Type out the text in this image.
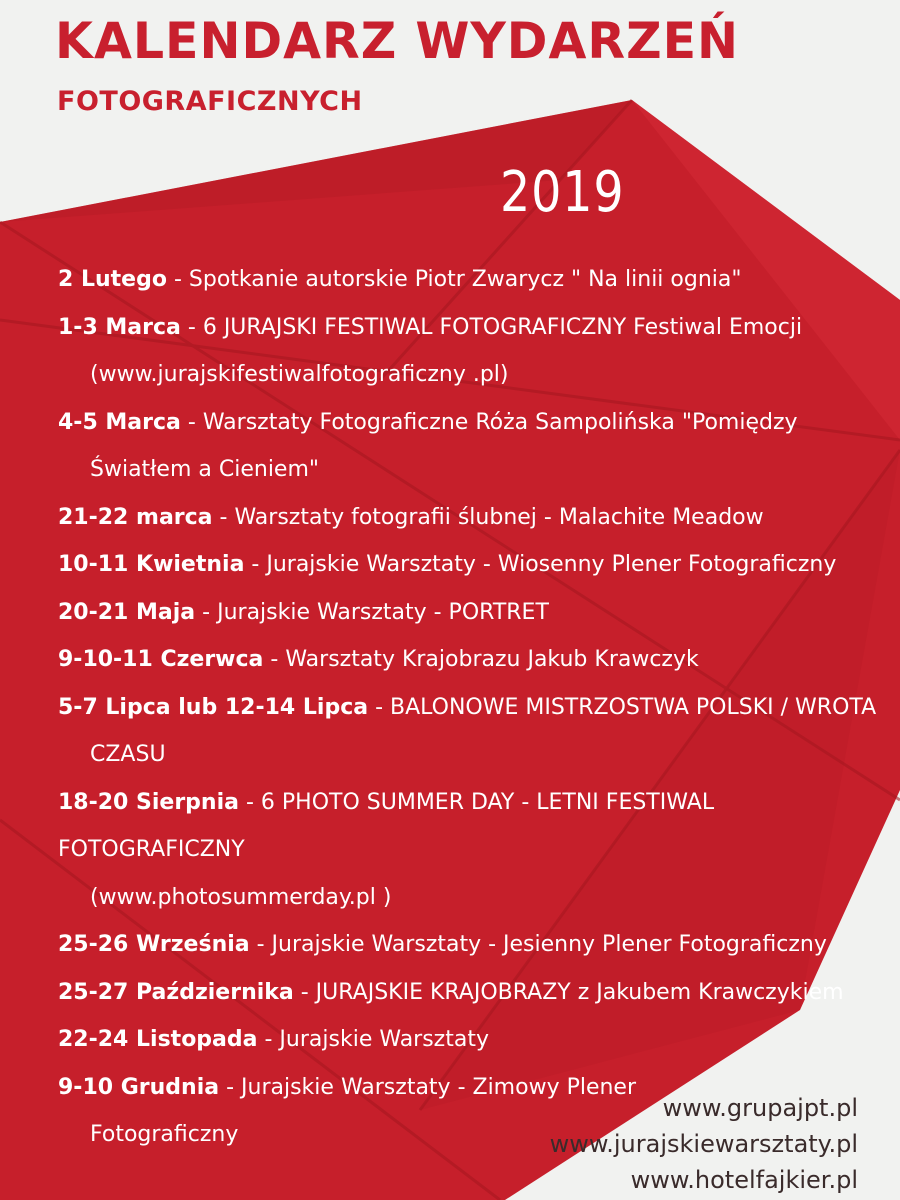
KALENDARZ WYDARZEŃ
FOTOGRAFICZNYCH
2019
2 Lutego - Spotkanie autorskie Piotr Zwarycz " Na linii ognia"
1-3 Marca - 6 JURAJSKI FESTIWAL FOTOGRAFICZNY Festiwal Emocji
(www.jurajskifestiwalfotograficzny .pl)
4-5 Marca - Warsztaty Fotograficzne Róża Sampolińska "Pomiędzy
Światłem a Cieniem"
21-22 marca - Warsztaty fotografii ślubnej - Malachite Meadow
10-11 Kwietnia - Jurajskie Warsztaty - Wiosenny Plener Fotograficzny
20-21 Maja - Jurajskie Warsztaty - PORTRET
9-10-11 Czerwca - Warsztaty Krajobrazu Jakub Krawczyk
5-7 Lipca lub 12-14 Lipca - BALONOWE MISTRZOSTWA POLSKI / WROTA
CZASU
18-20 Sierpnia - 6 PHOTO SUMMER DAY - LETNI FESTIWAL FOTOGRAFICZNY
(www.photosummerday.pl )
25-26 Września - Jurajskie Warsztaty - Jesienny Plener Fotograficzny
25-27 Października - JURAJSKIE KRAJOBRAZY z Jakubem Krawczykiem
22-24 Listopada - Jurajskie Warsztaty
9-10 Grudnia - Jurajskie Warsztaty - Zimowy Plener
Fotograficzny
www.grupajpt.pl
www.jurajskiewarsztaty.pl
www.hotelfajkier.pl
